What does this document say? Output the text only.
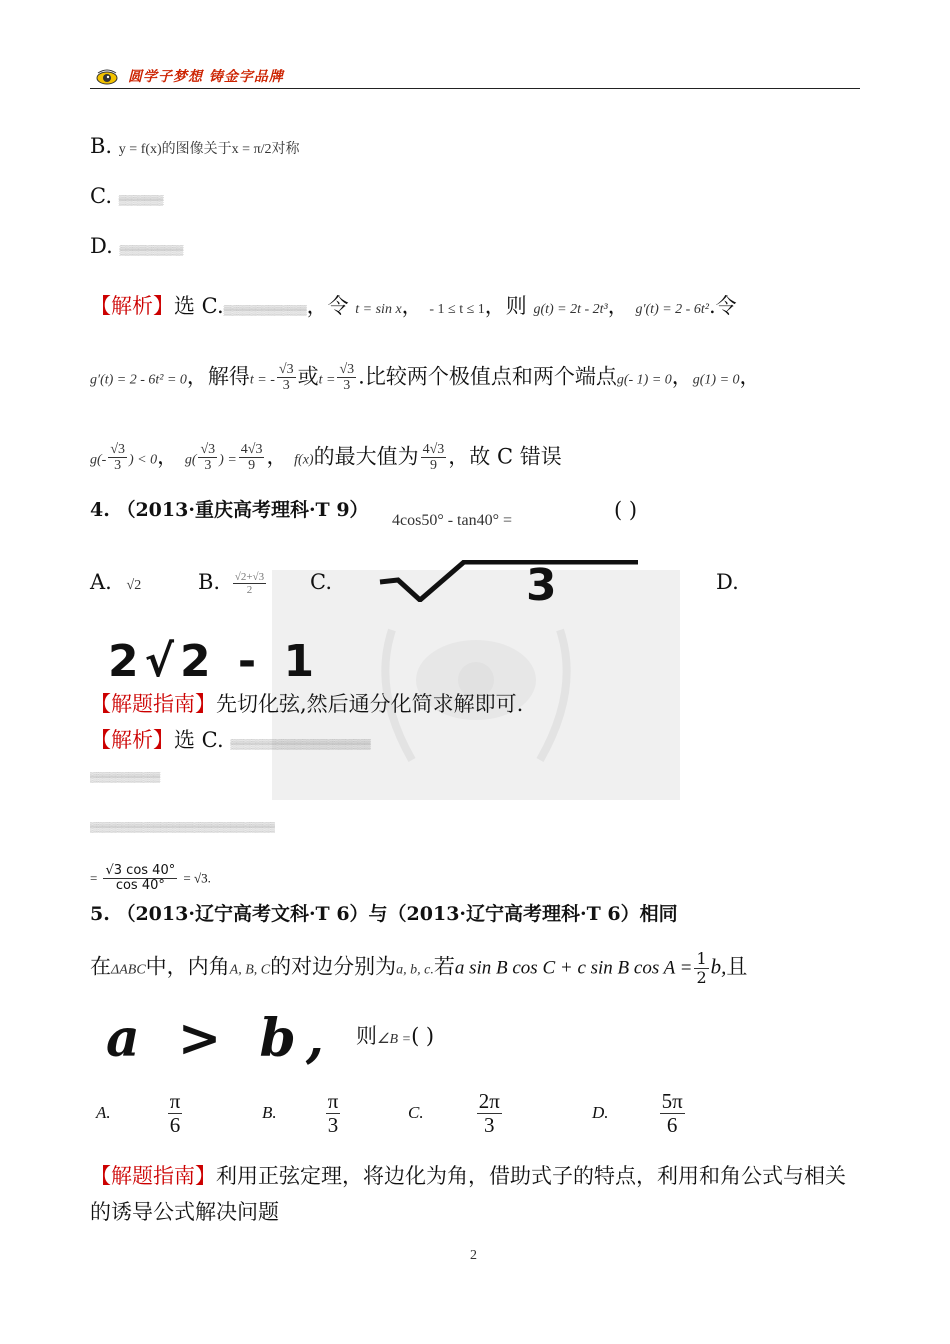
圆学子梦想 铸金字品牌
B. y = f(x)的图像关于x = π/2对称
C. ▒▒▒▒▒▒▒
D. ▒▒▒▒▒▒▒▒▒▒
【解析】选 C.▒▒▒▒▒▒▒▒▒▒▒▒▒，令 t = sin x， - 1 ≤ t ≤ 1，则 g(t) = 2t - 2t³， g′(t) = 2 - 6t².令
g′(t) = 2 - 6t² = 0，解得t = - $\frac{√3}{3}$ 或$t = \frac{√3}{3}$ .比较两个极值点和两个端点g(- 1) = 0，g(1) = 0，
$g(- \frac{√3}{3}$ ) < 0， $g( \frac{√3}{3}$ ) = $\frac{4√3}{9}$ ， f(x)的最大值为 $\frac{4√3}{9}$ ，故 C 错误
4. （2013·重庆高考理科·T 9） 4cos50° - tan40° =	( )
A. √2	B. $\frac{√2+√3}{2} C$.	3	D.
2√2 - 1
【解题指南】先切化弦,然后通分化简求解即可.
【解析】选 C. ▒▒▒▒▒▒▒▒▒▒▒▒▒▒▒▒▒▒▒▒▒▒
▒▒▒▒▒▒▒▒▒▒▒
▒▒▒▒▒▒▒▒▒▒▒▒▒▒▒▒▒▒▒▒▒▒▒▒▒▒▒▒▒
= $\frac{√3 \cos 40^\circ}{\cos 40^\circ} = √3$.
5. （2013·辽宁高考文科·T 6）与（2013·辽宁高考理科·T 6）相同
在ΔABC中，内角A, B, C的对边分别为a, b, c.若a sin B cos C + c sin B $\cos A = \frac{1}{2} b$,且
a > b, 则∠B =( )
A.	$\frac{\pi}{6}$	B. $\frac{\pi}{3}$	C.	$\frac{2\pi}{3}$	D. $\frac{5\pi}{6}$
【解题指南】利用正弦定理，将边化为角，借助式子的特点，利用和角公式与相关
的诱导公式解决问题
2
